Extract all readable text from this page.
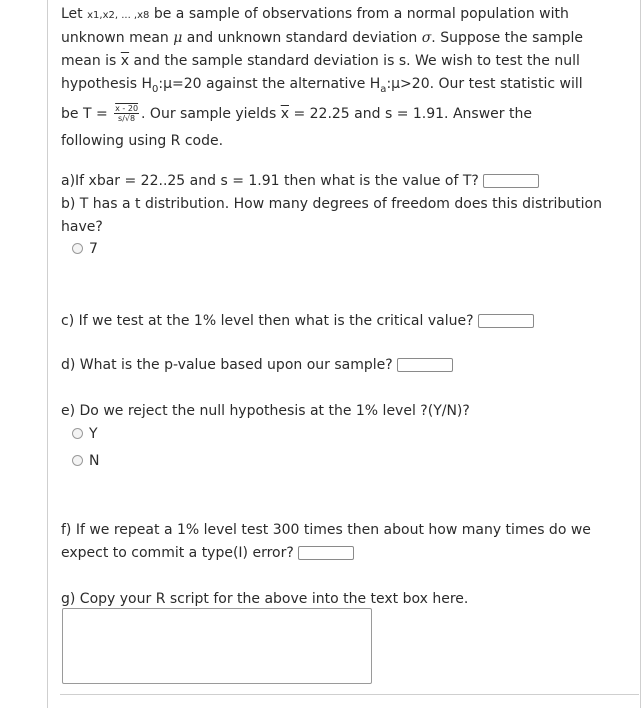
Let x1,x2, ... ,x8 be a sample of observations from a normal population with
unknown mean μ and unknown standard deviation σ. Suppose the sample
mean is $\overline{x}$ and the sample standard deviation is s. We wish to test the null
hypothesis $H_0:\mu=20$ against the alternative $H_a:\mu>20$. Our test statistic will
be $T = \frac{x - 20}{s/√8}$ . Our sample yields $\overline{x} = 22.25$ and s = 1.91. Answer the
following using R code.
a)If xbar = 22..25 and s = 1.91 then what is the value of T?
b) T has a t distribution. How many degrees of freedom does this distribution have?
7
c) If we test at the 1% level then what is the critical value?
d) What is the p-value based upon our sample?
e) Do we reject the null hypothesis at the 1% level ?(Y/N)?
Y
N
f) If we repeat a 1% level test 300 times then about how many times do we expect to commit a type(I) error?
g) Copy your R script for the above into the text box here.
